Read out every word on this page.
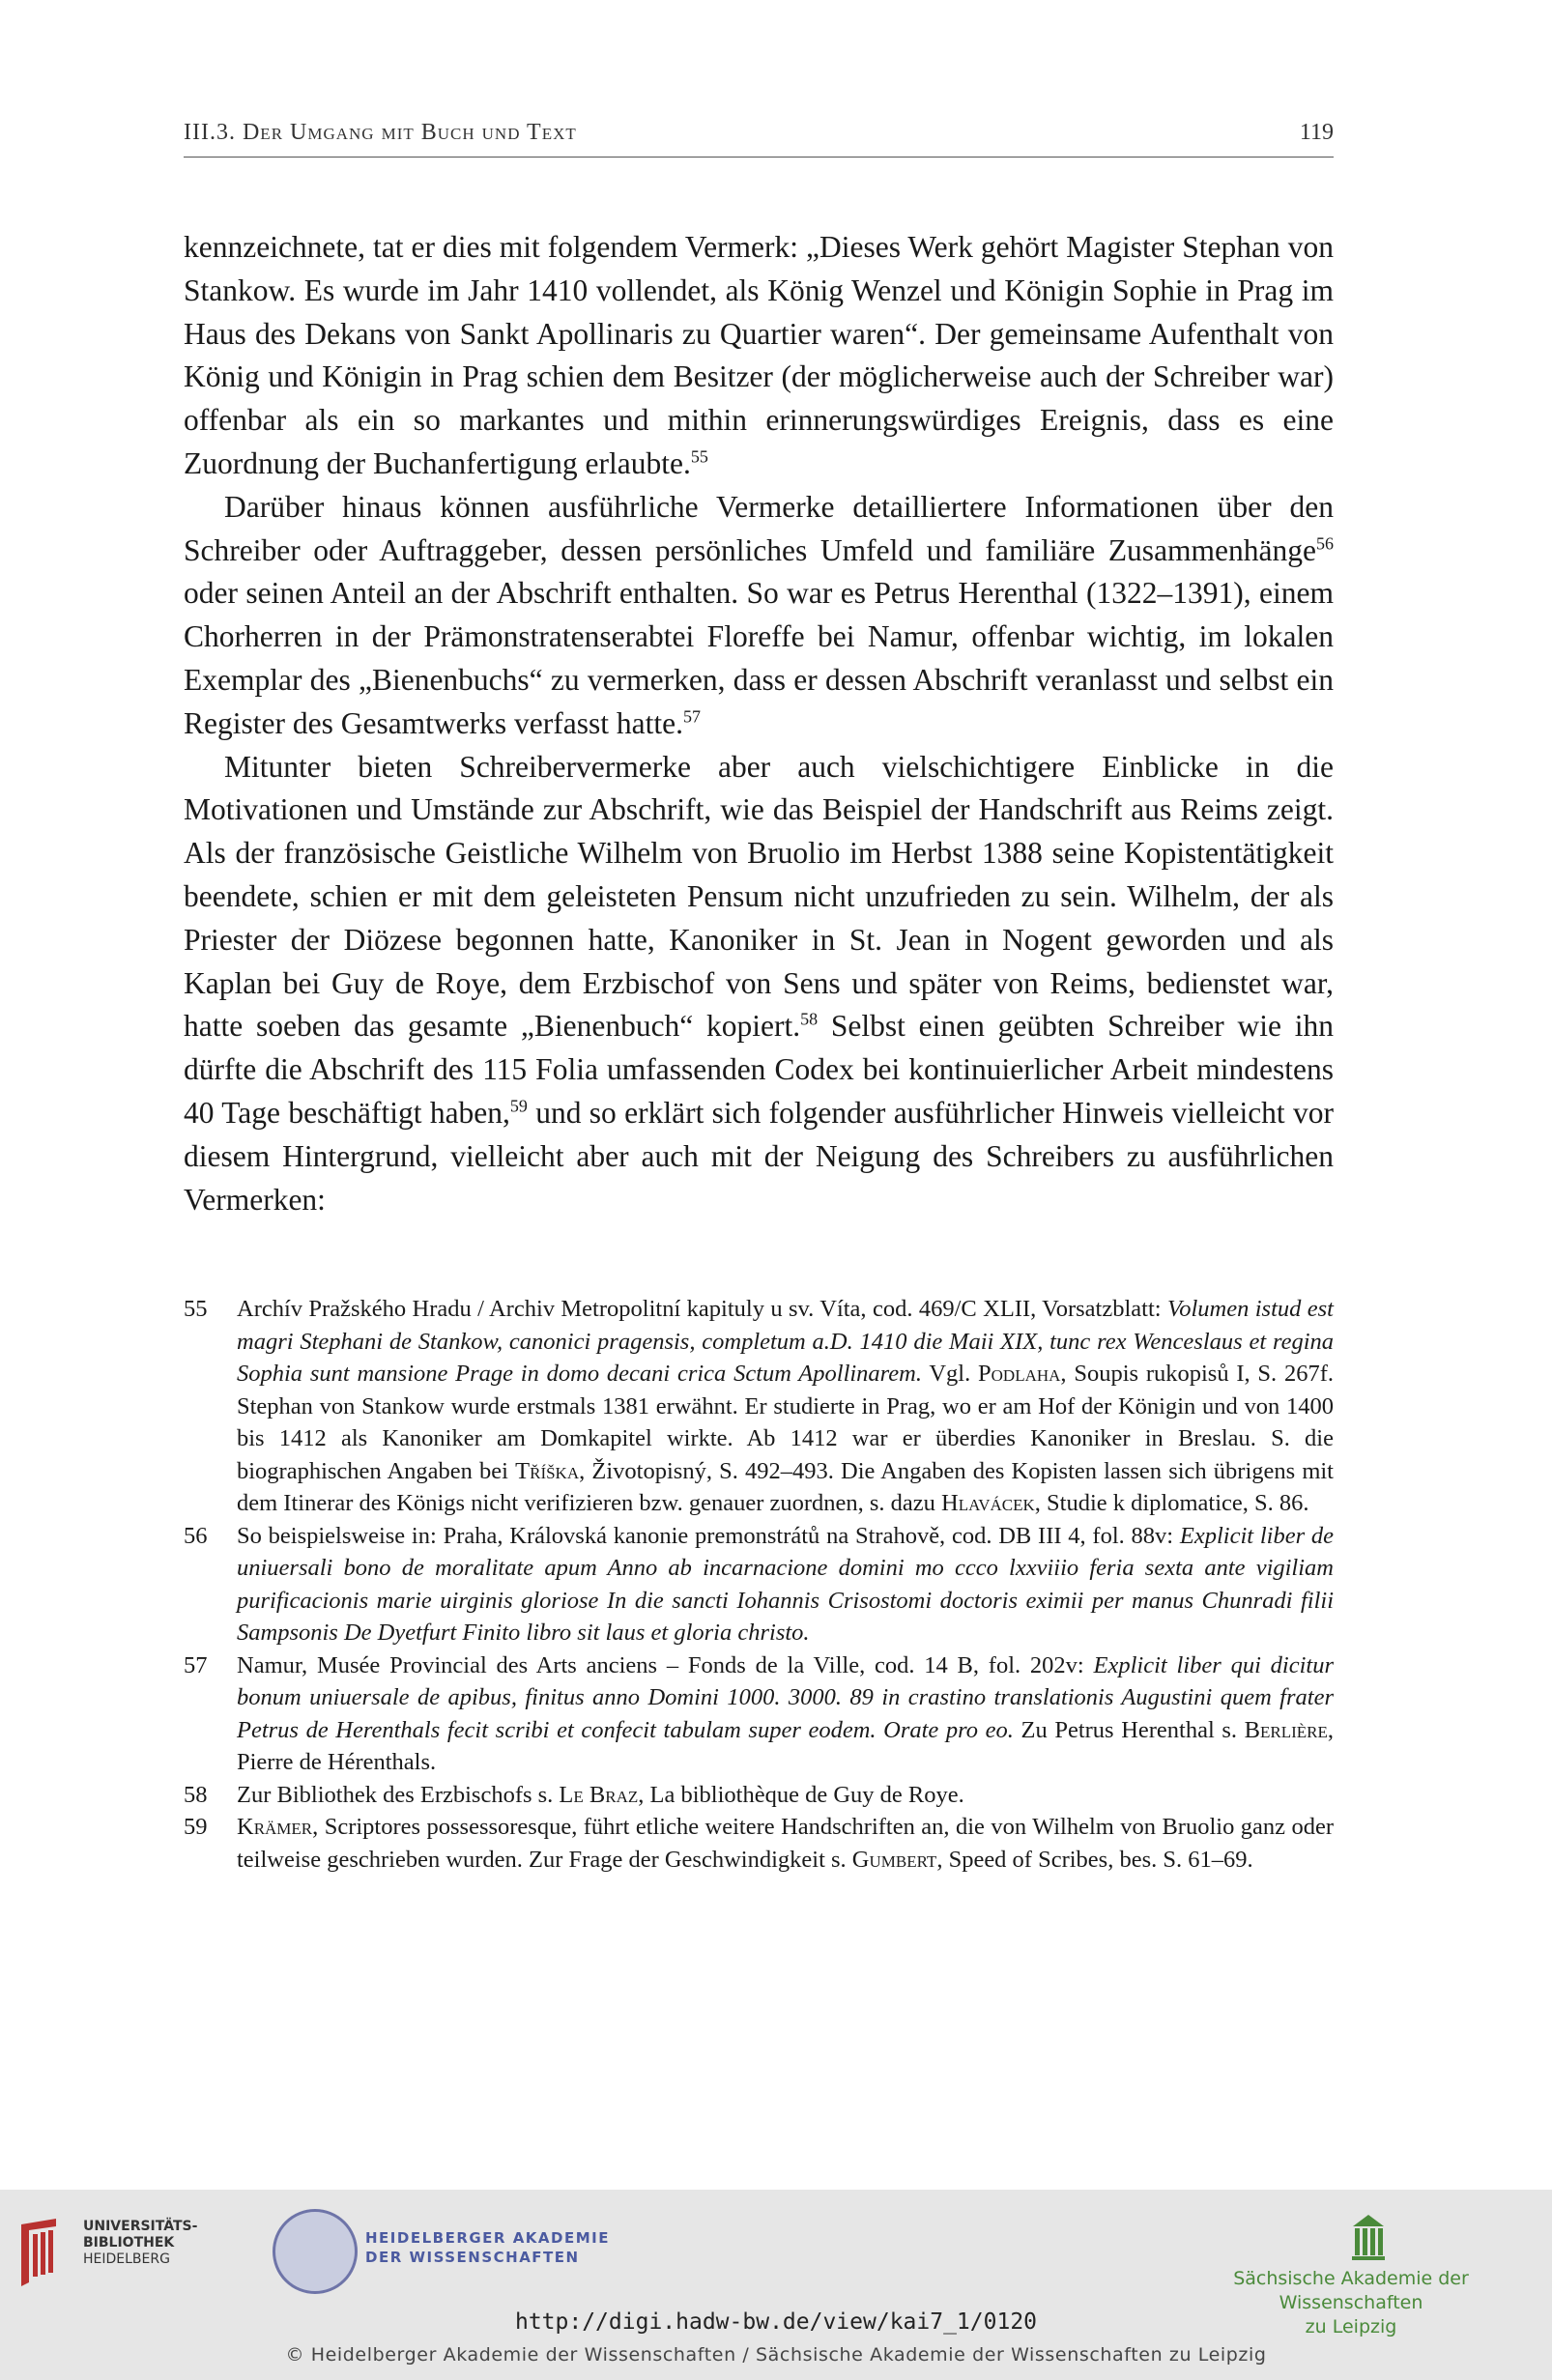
III.3. Der Umgang mit Buch und Text	119

kennzeichnete, tat er dies mit folgendem Vermerk: „Dieses Werk gehört Magister Stephan von Stankow. Es wurde im Jahr 1410 vollendet, als König Wenzel und Königin Sophie in Prag im Haus des Dekans von Sankt Apollinaris zu Quartier waren“. Der gemeinsame Aufenthalt von König und Königin in Prag schien dem Besitzer (der möglicherweise auch der Schreiber war) offenbar als ein so markantes und mithin erinnerungswürdiges Ereignis, dass es eine Zuordnung der Buchanfertigung erlaubte.$^{55}$

Darüber hinaus können ausführliche Vermerke detailliertere Informationen über den Schreiber oder Auftraggeber, dessen persönliches Umfeld und familiäre Zusammenhänge$^{56}$ oder seinen Anteil an der Abschrift enthalten. So war es Petrus Herenthal (1322–1391), einem Chorherren in der Prämonstratenserabtei Floreffe bei Namur, offenbar wichtig, im lokalen Exemplar des „Bienenbuchs“ zu vermerken, dass er dessen Abschrift veranlasst und selbst ein Register des Gesamtwerks verfasst hatte.$^{57}$

Mitunter bieten Schreibervermerke aber auch vielschichtigere Einblicke in die Motivationen und Umstände zur Abschrift, wie das Beispiel der Handschrift aus Reims zeigt. Als der französische Geistliche Wilhelm von Bruolio im Herbst 1388 seine Kopistentätigkeit beendete, schien er mit dem geleisteten Pensum nicht unzufrieden zu sein. Wilhelm, der als Priester der Diözese begonnen hatte, Kanoniker in St. Jean in Nogent geworden und als Kaplan bei Guy de Roye, dem Erzbischof von Sens und später von Reims, bedienstet war, hatte soeben das gesamte „Bienenbuch“ kopiert.$^{58}$ Selbst einen geübten Schreiber wie ihn dürfte die Abschrift des 115 Folia umfassenden Codex bei kontinuierlicher Arbeit mindestens 40 Tage beschäftigt haben,$^{59}$ und so erklärt sich folgender ausführlicher Hinweis vielleicht vor diesem Hintergrund, vielleicht aber auch mit der Neigung des Schreibers zu ausführlichen Vermerken:

55	Archív Pražského Hradu / Archiv Metropolitní kapituly u sv. Víta, cod. 469/C XLII, Vorsatzblatt: Volumen istud est magri Stephani de Stankow, canonici pragensis, completum a.D. 1410 die Maii XIX, tunc rex Wenceslaus et regina Sophia sunt mansione Prage in domo decani crica Sctum Apollinarem. Vgl. Podlaha, Soupis rukopisů I, S. 267f. Stephan von Stankow wurde erstmals 1381 erwähnt. Er studierte in Prag, wo er am Hof der Königin und von 1400 bis 1412 als Kanoniker am Domkapitel wirkte. Ab 1412 war er überdies Kanoniker in Breslau. S. die biographischen Angaben bei Tříška, Životopisný, S. 492–493. Die Angaben des Kopisten lassen sich übrigens mit dem Itinerar des Königs nicht verifizieren bzw. genauer zuordnen, s. dazu Hlavácek, Studie k diplomatice, S. 86.
56	So beispielsweise in: Praha, Královská kanonie premonstrátů na Strahově, cod. DB III 4, fol. 88v: Explicit liber de uniuersali bono de moralitate apum Anno ab incarnacione domini mo ccco lxxviiio feria sexta ante vigiliam purificacionis marie uirginis gloriose In die sancti Iohannis Crisostomi doctoris eximii per manus Chunradi filii Sampsonis De Dyetfurt Finito libro sit laus et gloria christo.
57	Namur, Musée Provincial des Arts anciens – Fonds de la Ville, cod. 14 B, fol. 202v: Explicit liber qui dicitur bonum uniuersale de apibus, finitus anno Domini 1000. 3000. 89 in crastino translationis Augustini quem frater Petrus de Herenthals fecit scribi et confecit tabulam super eodem. Orate pro eo. Zu Petrus Herenthal s. Berlière, Pierre de Hérenthals.
58	Zur Bibliothek des Erzbischofs s. Le Braz, La bibliothèque de Guy de Roye.
59	Krämer, Scriptores possessoresque, führt etliche weitere Handschriften an, die von Wilhelm von Bruolio ganz oder teilweise geschrieben wurden. Zur Frage der Geschwindigkeit s. Gumbert, Speed of Scribes, bes. S. 61–69.
UNIVERSITÄTS-
BIBLIOTHEK
HEIDELBERG
HEIDELBERGER AKADEMIE
DER WISSENSCHAFTEN
Sächsische Akademie der Wissenschaften
zu Leipzig
http://digi.hadw-bw.de/view/kai7_1/0120
© Heidelberger Akademie der Wissenschaften / Sächsische Akademie der Wissenschaften zu Leipzig
